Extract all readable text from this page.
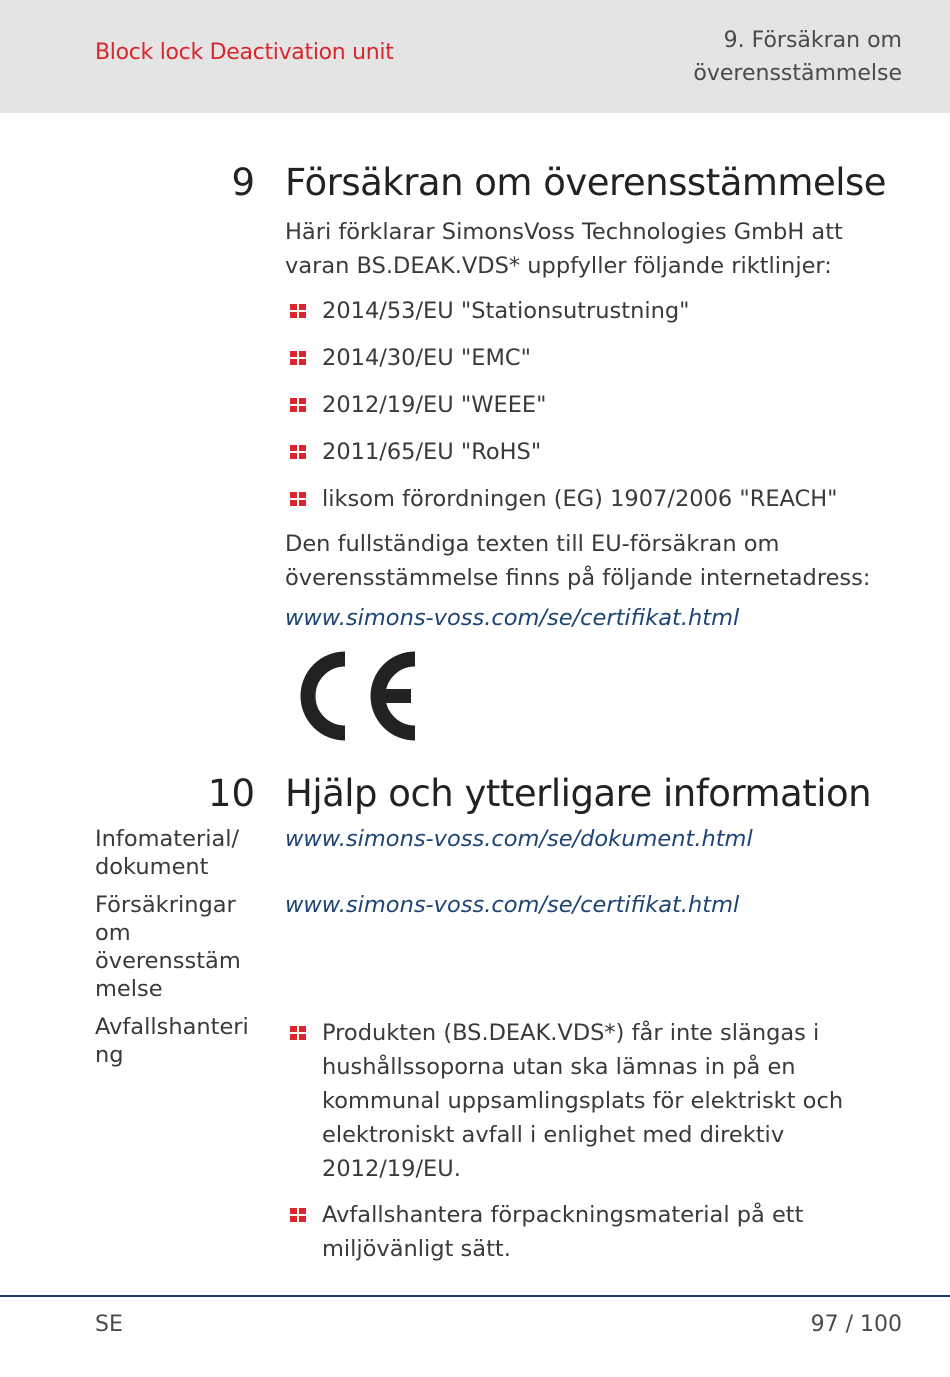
Block lock Deactivation unit	9. Försäkran om
överensstämmelse
9 Försäkran om överensstämmelse
Häri förklarar SimonsVoss Technologies GmbH att varan BS.DEAK.VDS* uppfyller följande riktlinjer:
2014/53/EU "Stationsutrustning"
2014/30/EU "EMC"
2012/19/EU "WEEE"
2011/65/EU "RoHS"
liksom förordningen (EG) 1907/2006 "REACH"
Den fullständiga texten till EU-försäkran om överensstämmelse finns på följande internetadress:
www.simons-voss.com/se/certifikat.html
10 Hjälp och ytterligare information
Infomaterial/
dokument
www.simons-voss.com/se/dokument.html
Försäkringar
om
överensstäm
melse
www.simons-voss.com/se/certifikat.html
Avfallshanteri
ng
Produkten (BS.DEAK.VDS*) får inte slängas i hushållssoporna utan ska lämnas in på en kommunal uppsamlingsplats för elektriskt och elektroniskt avfall i enlighet med direktiv 2012/19/EU.
Avfallshantera förpackningsmaterial på ett miljövänligt sätt.
SE	97 / 100
